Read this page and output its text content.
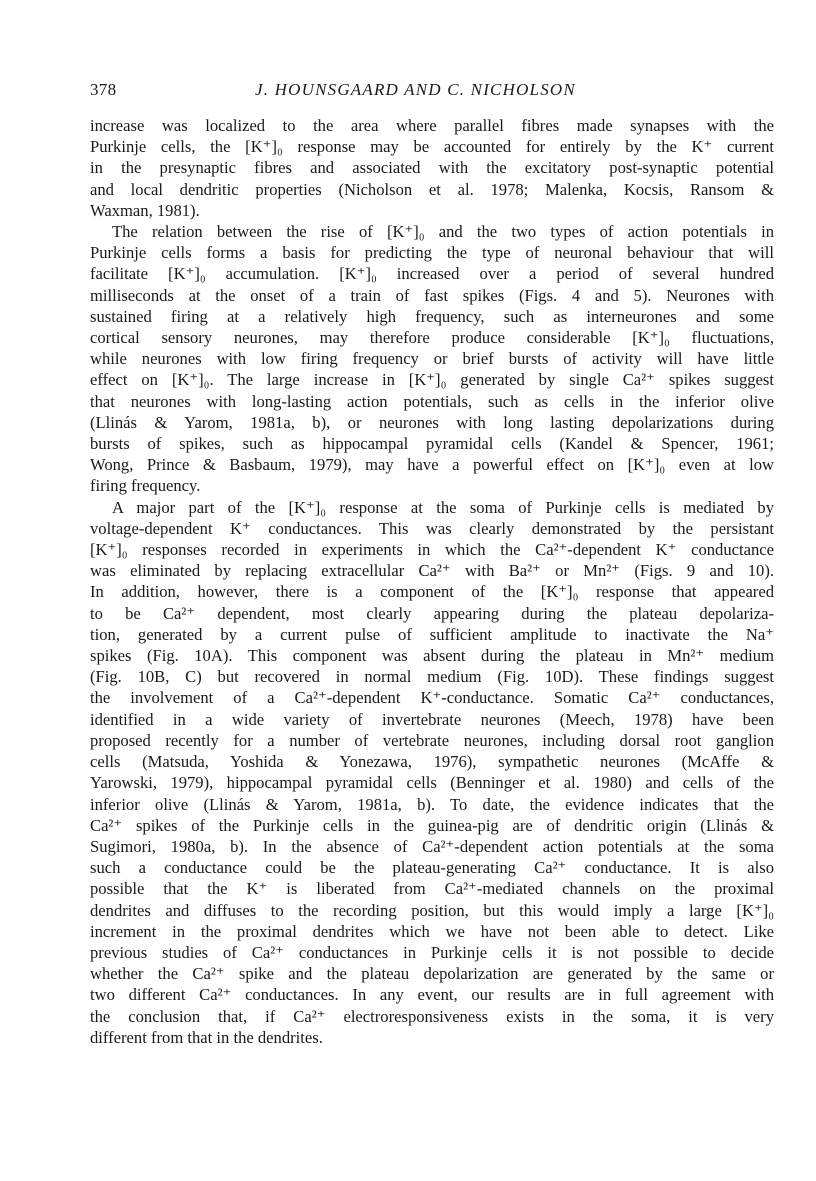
378	J. HOUNSGAARD AND C. NICHOLSON

increase was localized to the area where parallel fibres made synapses with the
Purkinje cells, the [K⁺]₀ response may be accounted for entirely by the K⁺ current
in the presynaptic fibres and associated with the excitatory post-synaptic potential
and local dendritic properties (Nicholson et al. 1978; Malenka, Kocsis, Ransom &
Waxman, 1981).

The relation between the rise of [K⁺]₀ and the two types of action potentials in
Purkinje cells forms a basis for predicting the type of neuronal behaviour that will
facilitate [K⁺]₀ accumulation. [K⁺]₀ increased over a period of several hundred
milliseconds at the onset of a train of fast spikes (Figs. 4 and 5). Neurones with
sustained firing at a relatively high frequency, such as interneurones and some
cortical sensory neurones, may therefore produce considerable [K⁺]₀ fluctuations,
while neurones with low firing frequency or brief bursts of activity will have little
effect on [K⁺]₀. The large increase in [K⁺]₀ generated by single Ca²⁺ spikes suggest
that neurones with long-lasting action potentials, such as cells in the inferior olive
(Llinás & Yarom, 1981a, b), or neurones with long lasting depolarizations during
bursts of spikes, such as hippocampal pyramidal cells (Kandel & Spencer, 1961;
Wong, Prince & Basbaum, 1979), may have a powerful effect on [K⁺]₀ even at low
firing frequency.

A major part of the [K⁺]₀ response at the soma of Purkinje cells is mediated by
voltage-dependent K⁺ conductances. This was clearly demonstrated by the persistant
[K⁺]₀ responses recorded in experiments in which the Ca²⁺-dependent K⁺ conductance
was eliminated by replacing extracellular Ca²⁺ with Ba²⁺ or Mn²⁺ (Figs. 9 and 10).
In addition, however, there is a component of the [K⁺]₀ response that appeared
to be Ca²⁺ dependent, most clearly appearing during the plateau depolariza-
tion, generated by a current pulse of sufficient amplitude to inactivate the Na⁺
spikes (Fig. 10A). This component was absent during the plateau in Mn²⁺ medium
(Fig. 10B, C) but recovered in normal medium (Fig. 10D). These findings suggest
the involvement of a Ca²⁺-dependent K⁺-conductance. Somatic Ca²⁺ conductances,
identified in a wide variety of invertebrate neurones (Meech, 1978) have been
proposed recently for a number of vertebrate neurones, including dorsal root ganglion
cells (Matsuda, Yoshida & Yonezawa, 1976), sympathetic neurones (McAffe &
Yarowski, 1979), hippocampal pyramidal cells (Benninger et al. 1980) and cells of the
inferior olive (Llinás & Yarom, 1981a, b). To date, the evidence indicates that the
Ca²⁺ spikes of the Purkinje cells in the guinea-pig are of dendritic origin (Llinás &
Sugimori, 1980a, b). In the absence of Ca²⁺-dependent action potentials at the soma
such a conductance could be the plateau-generating Ca²⁺ conductance. It is also
possible that the K⁺ is liberated from Ca²⁺-mediated channels on the proximal
dendrites and diffuses to the recording position, but this would imply a large [K⁺]₀
increment in the proximal dendrites which we have not been able to detect. Like
previous studies of Ca²⁺ conductances in Purkinje cells it is not possible to decide
whether the Ca²⁺ spike and the plateau depolarization are generated by the same or
two different Ca²⁺ conductances. In any event, our results are in full agreement with
the conclusion that, if Ca²⁺ electroresponsiveness exists in the soma, it is very
different from that in the dendrites.
